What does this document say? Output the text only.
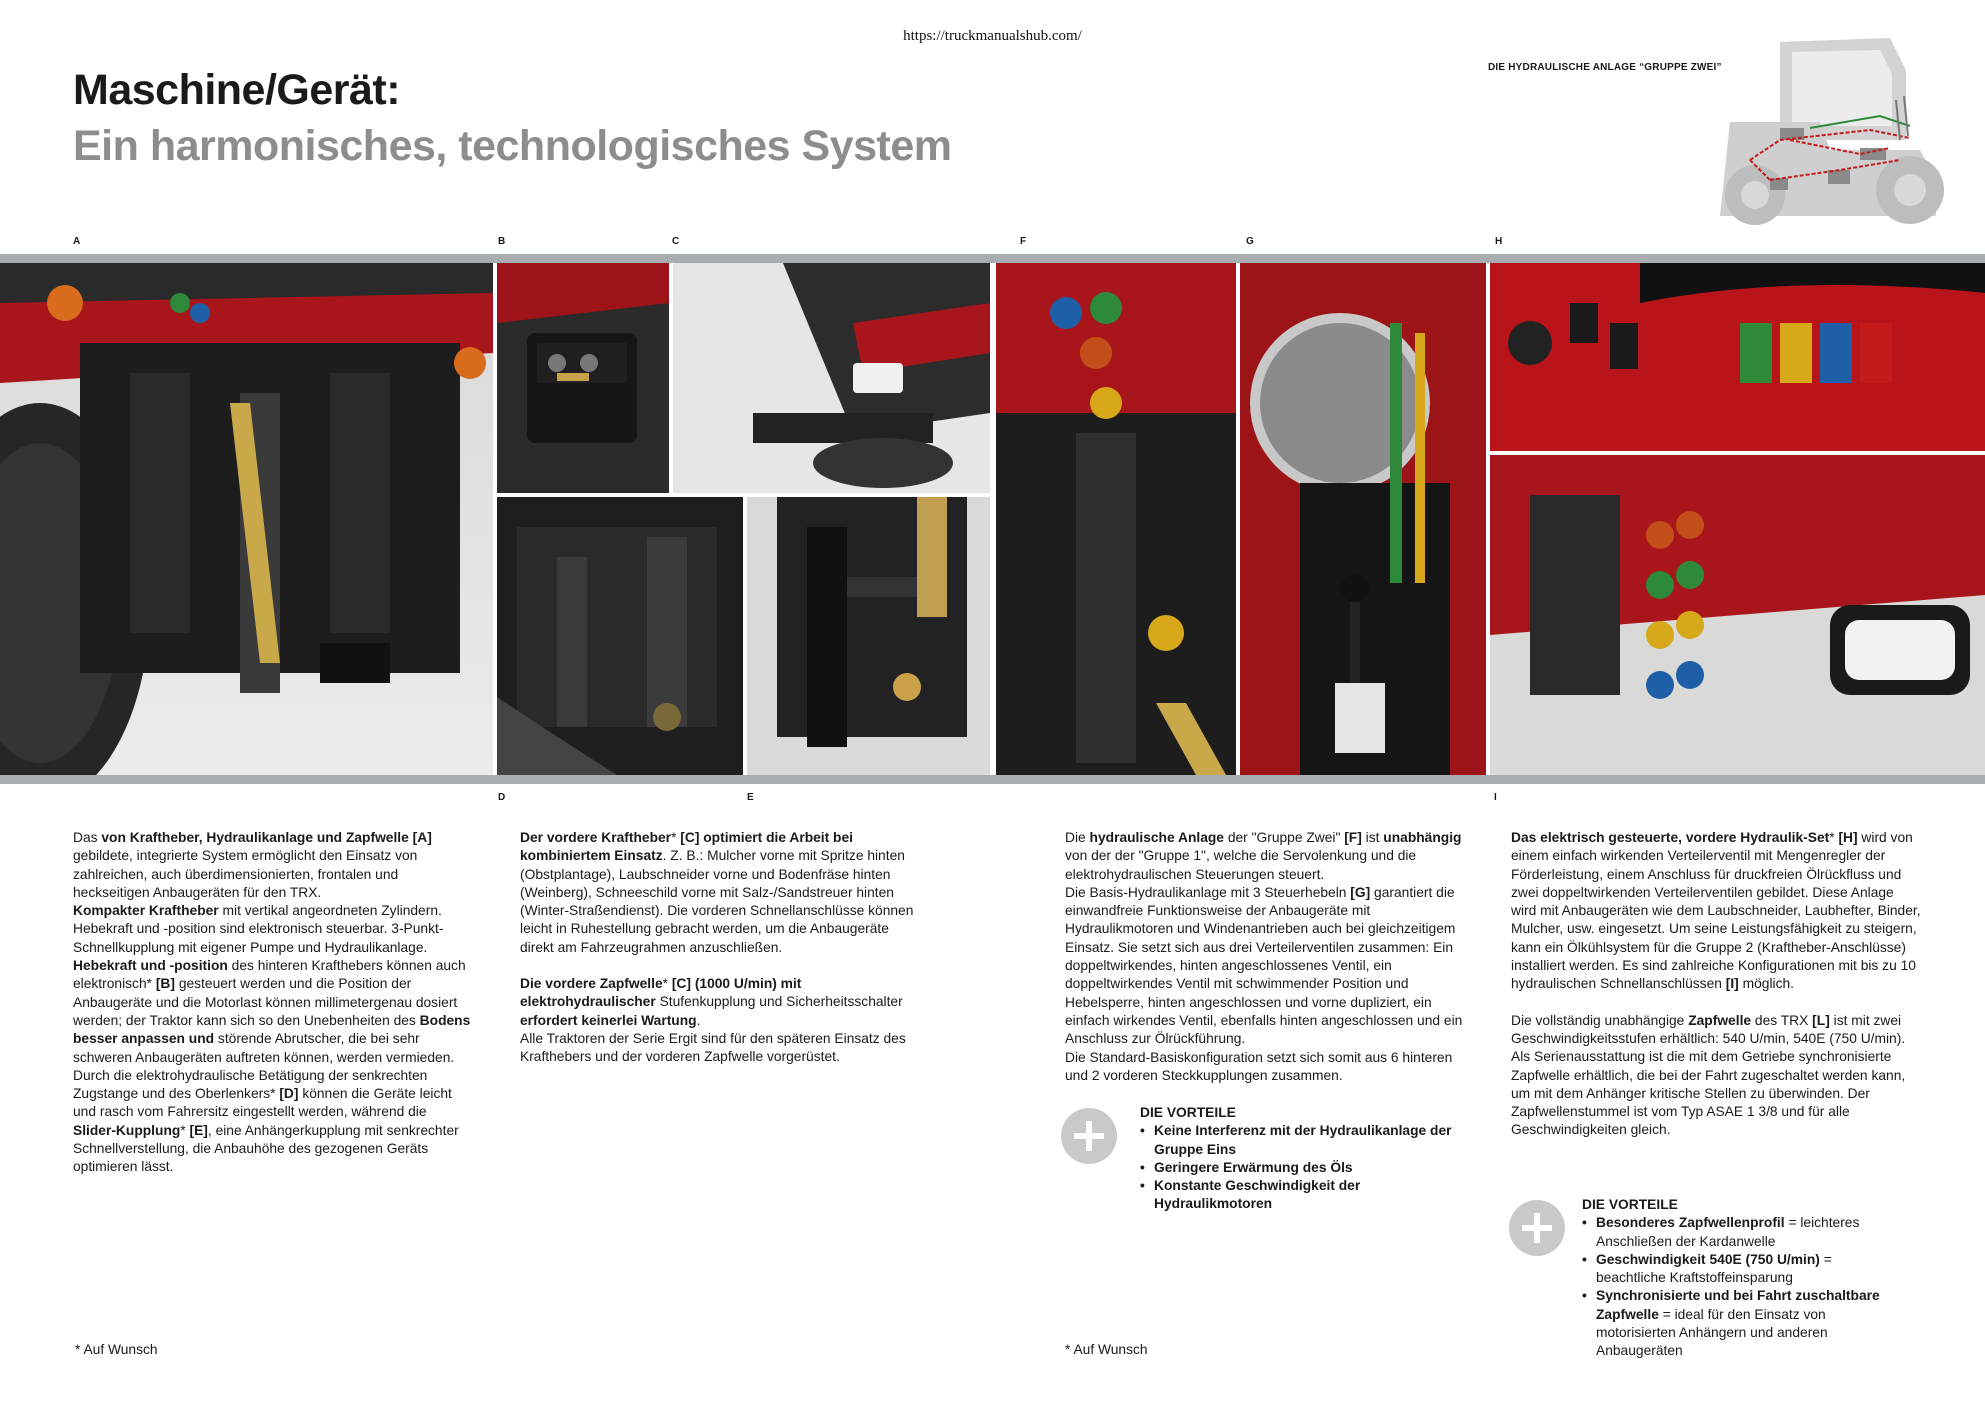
https://truckmanualshub.com/
Maschine/Gerät:
Ein harmonisches, technologisches System
DIE HYDRAULISCHE ANLAGE “GRUPPE ZWEI”
A	B	C	F	G	H
D	E	I

Das von Kraftheber, Hydraulikanlage und Zapfwelle [A] gebildete, integrierte System ermöglicht den Einsatz von zahlreichen, auch überdimensionierten, frontalen und heckseitigen Anbaugeräten für den TRX.

Kompakter Kraftheber mit vertikal angeordneten Zylindern. Hebekraft und -position sind elektronisch steuerbar. 3-Punkt-Schnellkupplung mit eigener Pumpe und Hydraulikanlage.

Hebekraft und -position des hinteren Krafthebers können auch elektronisch* [B] gesteuert werden und die Position der Anbaugeräte und die Motorlast können millimetergenau dosiert werden; der Traktor kann sich so den Unebenheiten des Bodens besser anpassen und störende Abrutscher, die bei sehr schweren Anbaugeräten auftreten können, werden vermieden.

Durch die elektrohydraulische Betätigung der senkrechten Zugstange und des Oberlenkers* [D] können die Geräte leicht und rasch vom Fahrersitz eingestellt werden, während die Slider-Kupplung* [E], eine Anhängerkupplung mit senkrechter Schnellverstellung, die Anbauhöhe des gezogenen Geräts optimieren lässt.

Der vordere Kraftheber* [C] optimiert die Arbeit bei kombiniertem Einsatz. Z. B.: Mulcher vorne mit Spritze hinten (Obstplantage), Laubschneider vorne und Bodenfräse hinten (Weinberg), Schneeschild vorne mit Salz-/Sandstreuer hinten (Winter-Straßendienst). Die vorderen Schnellanschlüsse können leicht in Ruhestellung gebracht werden, um die Anbaugeräte direkt am Fahrzeugrahmen anzuschließen.

Die vordere Zapfwelle* [C] (1000 U/min) mit elektrohydraulischer Stufenkupplung und Sicherheitsschalter erfordert keinerlei Wartung.

Alle Traktoren der Serie Ergit sind für den späteren Einsatz des Krafthebers und der vorderen Zapfwelle vorgerüstet.

Die hydraulische Anlage der "Gruppe Zwei" [F] ist unabhängig von der der "Gruppe 1", welche die Servolenkung und die elektrohydraulischen Steuerungen steuert.

Die Basis-Hydraulikanlage mit 3 Steuerhebeln [G] garantiert die einwandfreie Funktionsweise der Anbaugeräte mit Hydraulikmotoren und Windenantrieben auch bei gleichzeitigem Einsatz. Sie setzt sich aus drei Verteilerventilen zusammen: Ein doppeltwirkendes, hinten angeschlossenes Ventil, ein doppeltwirkendes Ventil mit schwimmender Position und Hebelsperre, hinten angeschlossen und vorne dupliziert, ein einfach wirkendes Ventil, ebenfalls hinten angeschlossen und ein Anschluss zur Ölrückführung.

Die Standard-Basiskonfiguration setzt sich somit aus 6 hinteren und 2 vorderen Steckkupplungen zusammen.

DIE VORTEILE
• Keine Interferenz mit der Hydraulikanlage der Gruppe Eins
• Geringere Erwärmung des Öls
• Konstante Geschwindigkeit der Hydraulikmotoren

Das elektrisch gesteuerte, vordere Hydraulik-Set* [H] wird von einem einfach wirkenden Verteilerventil mit Mengenregler der Förderleistung, einem Anschluss für druckfreien Ölrückfluss und zwei doppeltwirkenden Verteilerventilen gebildet. Diese Anlage wird mit Anbaugeräten wie dem Laubschneider, Laubhefter, Binder, Mulcher, usw. eingesetzt. Um seine Leistungsfähigkeit zu steigern, kann ein Ölkühlsystem für die Gruppe 2 (Kraftheber-Anschlüsse) installiert werden. Es sind zahlreiche Konfigurationen mit bis zu 10 hydraulischen Schnellanschlüssen [I] möglich.

Die vollständig unabhängige Zapfwelle des TRX [L] ist mit zwei Geschwindigkeitsstufen erhältlich: 540 U/min, 540E (750 U/min).

Als Serienausstattung ist die mit dem Getriebe synchronisierte Zapfwelle erhältlich, die bei der Fahrt zugeschaltet werden kann, um mit dem Anhänger kritische Stellen zu überwinden. Der Zapfwellenstummel ist vom Typ ASAE 1 3/8 und für alle Geschwindigkeiten gleich.

DIE VORTEILE
• Besonderes Zapfwellenprofil = leichteres Anschließen der Kardanwelle
• Geschwindigkeit 540E (750 U/min) = beachtliche Kraftstoffeinsparung
• Synchronisierte und bei Fahrt zuschaltbare Zapfwelle = ideal für den Einsatz von motorisierten Anhängern und anderen Anbaugeräten
* Auf Wunsch	* Auf Wunsch
